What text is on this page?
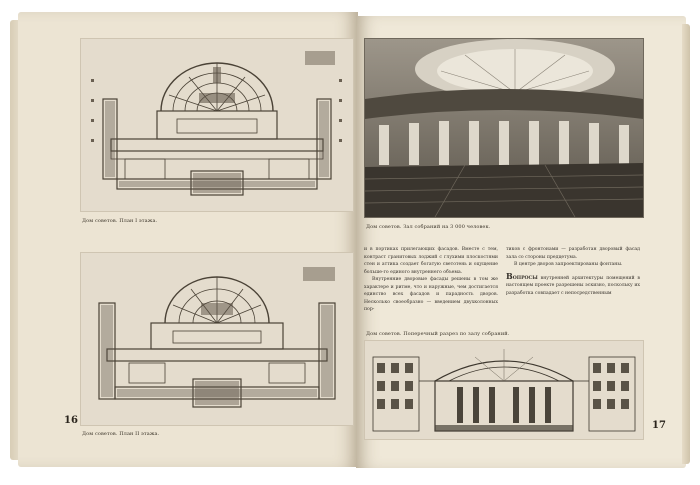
Дом советов. План I этажа.
Дом советов. План II этажа.
16
Дом советов. Зал собраний на 3 000 человек.

и в портиках прилегающих фасадов. Вместе с тем, контраст гранитовых лоджий с глухими плоскостями стен и аттика создает богатую светотень и оцущение больше-го единого внутреннего объема.

Внутренние дворовые фасады решены в том же характере и ритме, что и наружные, чем достигается единство всех фасадов и парадность дворов. Несколько своеобразно — введением двухколонных пор-

тиков с фронтонами — разработан дворовый фасад зала со стороны предцетума.

В центре дворов запроектированы фонтаны.

ВОПРОСЫ внутренней архитектуры помещений в настоящем проекте разрешены эскизно, поскольку их разработка совпадает с непосредственным

Дом советов. Поперечный разрез по залу собраний.
17
